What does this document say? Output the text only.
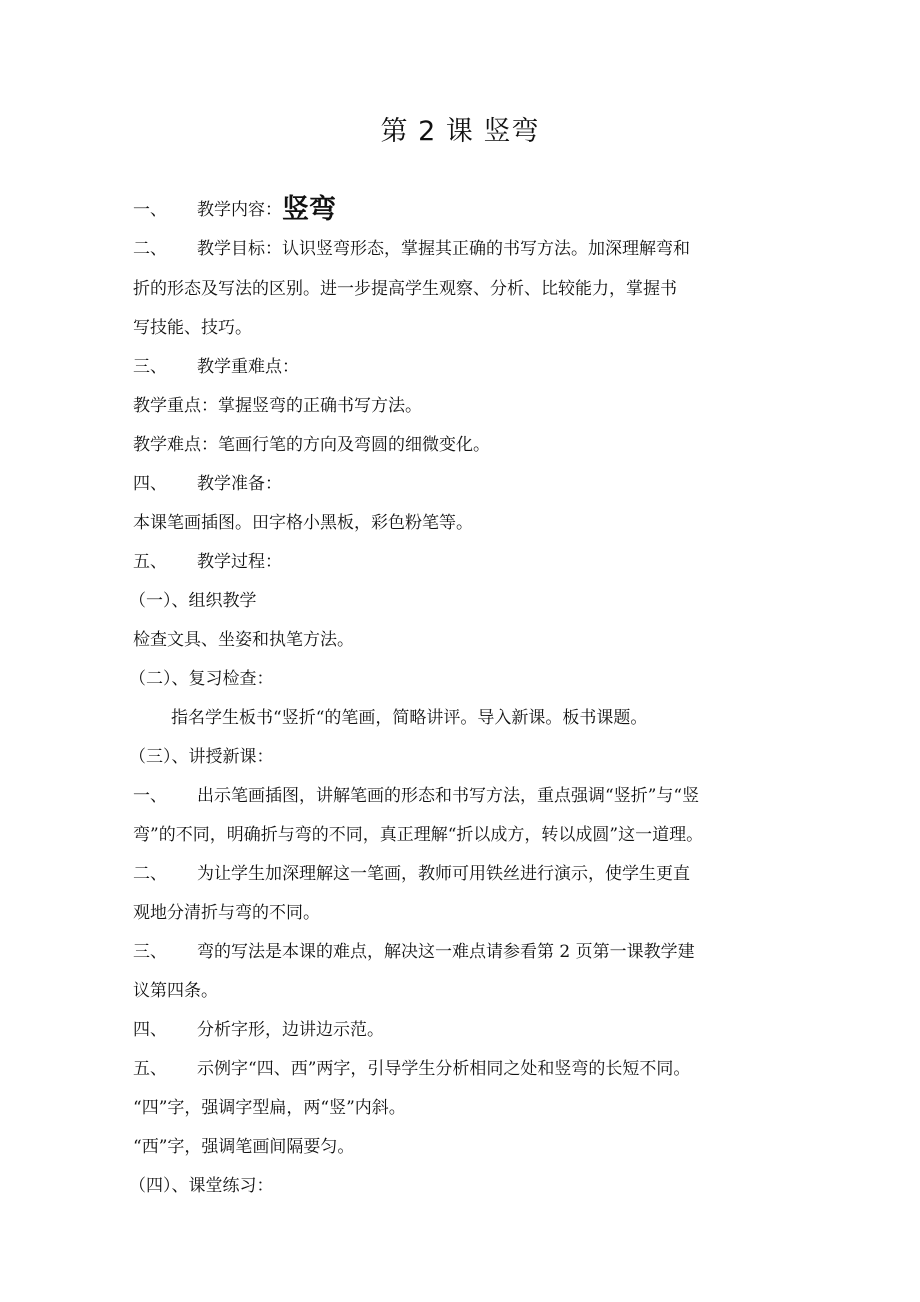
第 2 课 竖弯
一、 教学内容：竖弯
二、 教学目标：认识竖弯形态，掌握其正确的书写方法。加深理解弯和
折的形态及写法的区别。进一步提高学生观察、分析、比较能力，掌握书
写技能、技巧。
三、 教学重难点：
教学重点：掌握竖弯的正确书写方法。
教学难点：笔画行笔的方向及弯圆的细微变化。
四、 教学准备：
本课笔画插图。田字格小黑板，彩色粉笔等。
五、 教学过程：
（一）、组织教学
检查文具、坐姿和执笔方法。
（二）、复习检查：
指名学生板书“竖折“的笔画，简略讲评。导入新课。板书课题。
（三）、讲授新课：
一、 出示笔画插图，讲解笔画的形态和书写方法，重点强调“竖折”与“竖
弯”的不同，明确折与弯的不同，真正理解“折以成方，转以成圆”这一道理。
二、 为让学生加深理解这一笔画，教师可用铁丝进行演示，使学生更直
观地分清折与弯的不同。
三、 弯的写法是本课的难点，解决这一难点请参看第 2 页第一课教学建
议第四条。
四、 分析字形，边讲边示范。
五、 示例字“四、西”两字，引导学生分析相同之处和竖弯的长短不同。
“四”字，强调字型扁，两“竖”内斜。
“西”字，强调笔画间隔要匀。
（四）、课堂练习：
